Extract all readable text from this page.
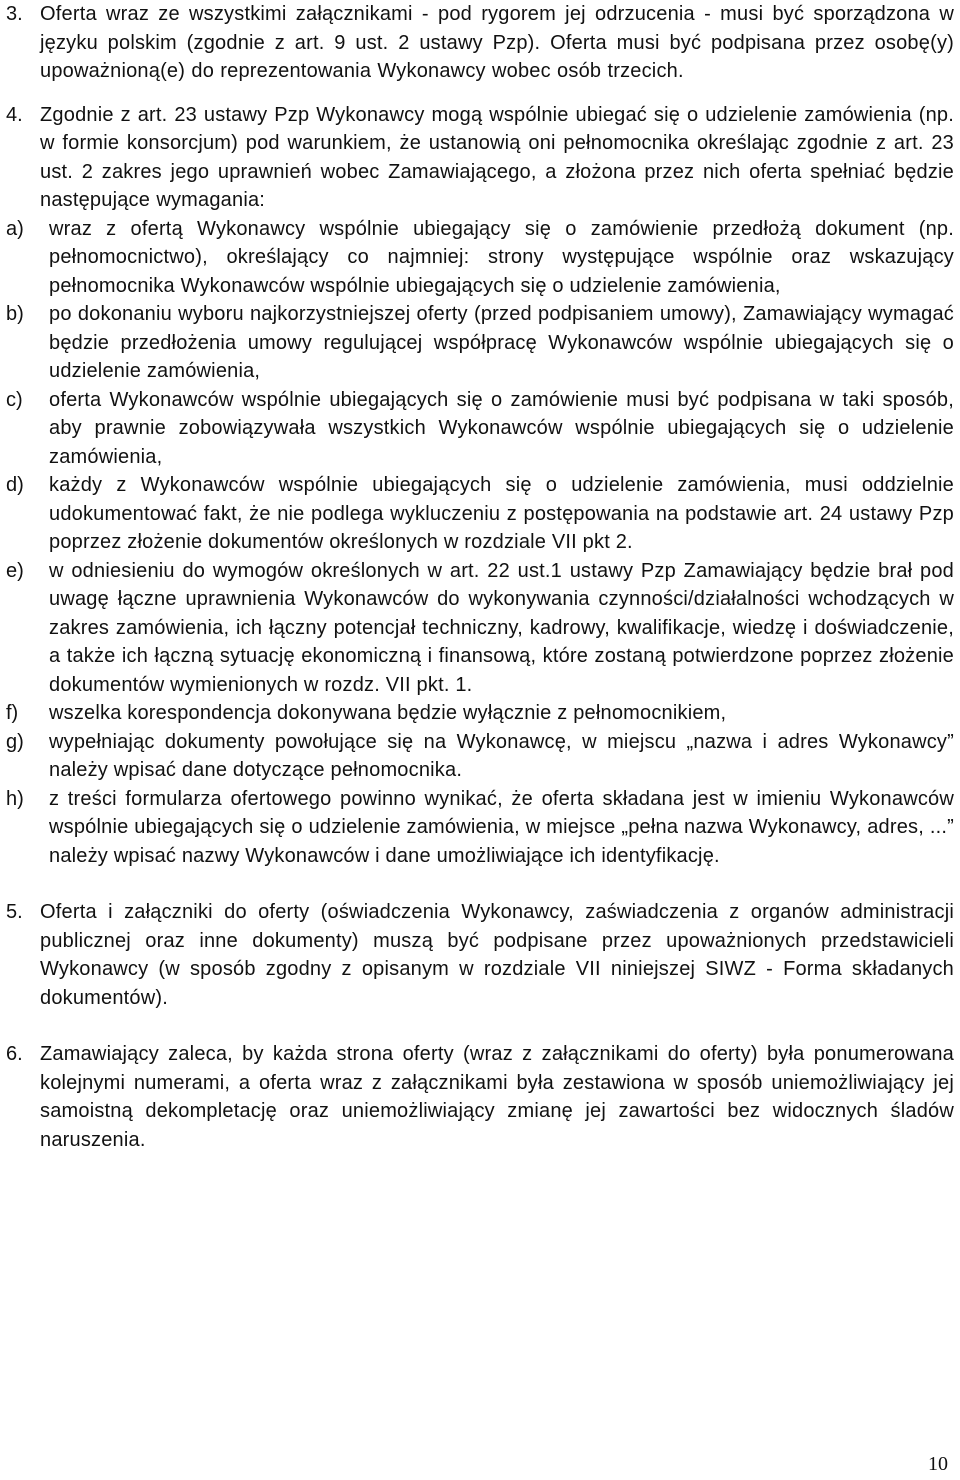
3. Oferta wraz ze wszystkimi załącznikami - pod rygorem jej odrzucenia - musi być sporządzona w języku polskim (zgodnie z art. 9 ust. 2 ustawy Pzp). Oferta musi być podpisana przez osobę(y) upoważnioną(e) do reprezentowania Wykonawcy wobec osób trzecich.
4. Zgodnie z art. 23 ustawy Pzp Wykonawcy mogą wspólnie ubiegać się o udzielenie zamówienia (np. w formie konsorcjum) pod warunkiem, że ustanowią oni pełnomocnika określając zgodnie z art. 23 ust. 2 zakres jego uprawnień wobec Zamawiającego, a złożona przez nich oferta spełniać będzie następujące wymagania:
a)	wraz z ofertą Wykonawcy wspólnie ubiegający się o zamówienie przedłożą dokument (np. pełnomocnictwo), określający co najmniej: strony występujące wspólnie oraz wskazujący pełnomocnika Wykonawców wspólnie ubiegających się o udzielenie zamówienia,
b)	po dokonaniu wyboru najkorzystniejszej oferty (przed podpisaniem umowy), Zamawiający wymagać będzie przedłożenia umowy regulującej współpracę Wykonawców wspólnie ubiegających się o udzielenie zamówienia,
c)	oferta Wykonawców wspólnie ubiegających się o zamówienie musi być podpisana w taki sposób, aby prawnie zobowiązywała wszystkich Wykonawców wspólnie ubiegających się o udzielenie zamówienia,
d)	każdy z Wykonawców wspólnie ubiegających się o udzielenie zamówienia, musi oddzielnie udokumentować fakt, że nie podlega wykluczeniu z postępowania na podstawie art. 24 ustawy Pzp poprzez złożenie dokumentów określonych w rozdziale VII pkt 2.
e)	w odniesieniu do wymogów określonych w art. 22 ust.1 ustawy Pzp Zamawiający będzie brał pod uwagę łączne uprawnienia Wykonawców do wykonywania czynności/działalności wchodzących w zakres zamówienia, ich łączny potencjał techniczny, kadrowy, kwalifikacje, wiedzę i doświadczenie, a także ich łączną sytuację ekonomiczną i finansową, które zostaną potwierdzone poprzez złożenie dokumentów wymienionych w rozdz. VII pkt. 1.
f)	wszelka korespondencja dokonywana będzie wyłącznie z pełnomocnikiem,
g)	wypełniając dokumenty powołujące się na Wykonawcę, w miejscu „nazwa i adres Wykonawcy” należy wpisać dane dotyczące pełnomocnika.
h)	z treści formularza ofertowego powinno wynikać, że oferta składana jest w imieniu Wykonawców wspólnie ubiegających się o udzielenie zamówienia, w miejsce „pełna nazwa Wykonawcy, adres, ...” należy wpisać nazwy Wykonawców i dane umożliwiające ich identyfikację.
5. Oferta i załączniki do oferty (oświadczenia Wykonawcy, zaświadczenia z organów administracji publicznej oraz inne dokumenty) muszą być podpisane przez upoważnionych przedstawicieli Wykonawcy (w sposób zgodny z opisanym w rozdziale VII niniejszej SIWZ - Forma składanych dokumentów).
6. Zamawiający zaleca, by każda strona oferty (wraz z załącznikami do oferty) była ponumerowana kolejnymi numerami, a oferta wraz z załącznikami była zestawiona w sposób uniemożliwiający jej samoistną dekompletację oraz uniemożliwiający zmianę jej zawartości bez widocznych śladów naruszenia.
10
